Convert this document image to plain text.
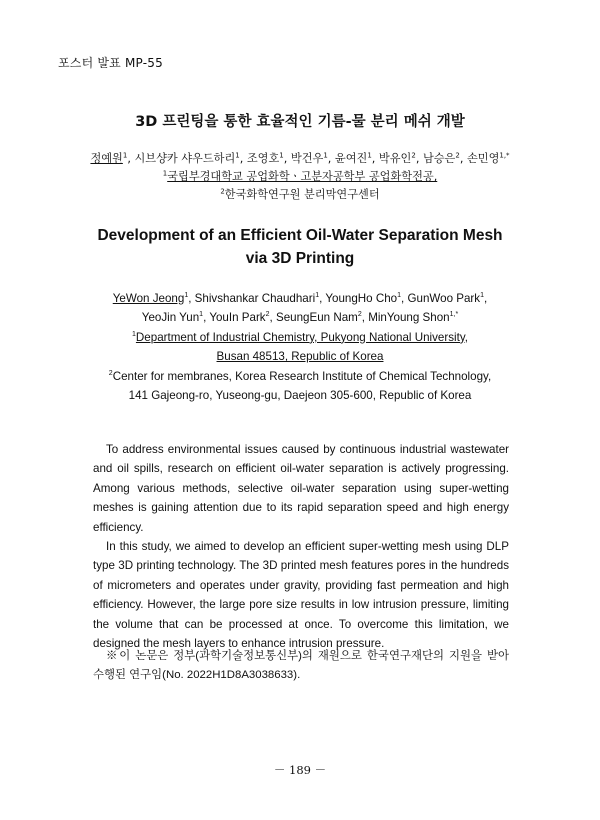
포스터 발표 MP-55
3D 프린팅을 통한 효율적인 기름-물 분리 메쉬 개발
정예원$^1$, 시브샹카 샤우드하리$^1$, 조영호$^1$, 박건우$^1$, 윤여진$^1$, 박유인$^2$, 남승은$^2$, 손민영$^{1,*}$
$^1$국립부경대학교 공업화학ㆍ고분자공학부 공업화학전공,
$^2$한국화학연구원 분리막연구센터
Development of an Efficient Oil-Water Separation Mesh
via 3D Printing
YeWon Jeong$^1$, Shivshankar Chaudhari$^1$, YoungHo Cho$^1$, GunWoo Park$^1$,
YeoJin Yun$^1$, YouIn Park$^2$, SeungEun Nam$^2$, MinYoung Shon$^{1,*}$
$^1$Department of Industrial Chemistry, Pukyong National University,
Busan 48513, Republic of Korea
$^2$Center for membranes, Korea Research Institute of Chemical Technology,
141 Gajeong-ro, Yuseong-gu, Daejeon 305-600, Republic of Korea

To address environmental issues caused by continuous industrial wastewater and oil spills, research on efficient oil-water separation is actively progressing. Among various methods, selective oil-water separation using super-wetting meshes is gaining attention due to its rapid separation speed and high energy efficiency.

In this study, we aimed to develop an efficient super-wetting mesh using DLP type 3D printing technology. The 3D printed mesh features pores in the hundreds of micrometers and operates under gravity, providing fast permeation and high efficiency. However, the large pore size results in low intrusion pressure, limiting the volume that can be processed at once. To overcome this limitation, we designed the mesh layers to enhance intrusion pressure.

※이 논문은 정부(과학기술정보통신부)의 재원으로 한국연구재단의 지원을 받아 수행된 연구임(No. 2022H1D8A3038633).

－ 189 －
